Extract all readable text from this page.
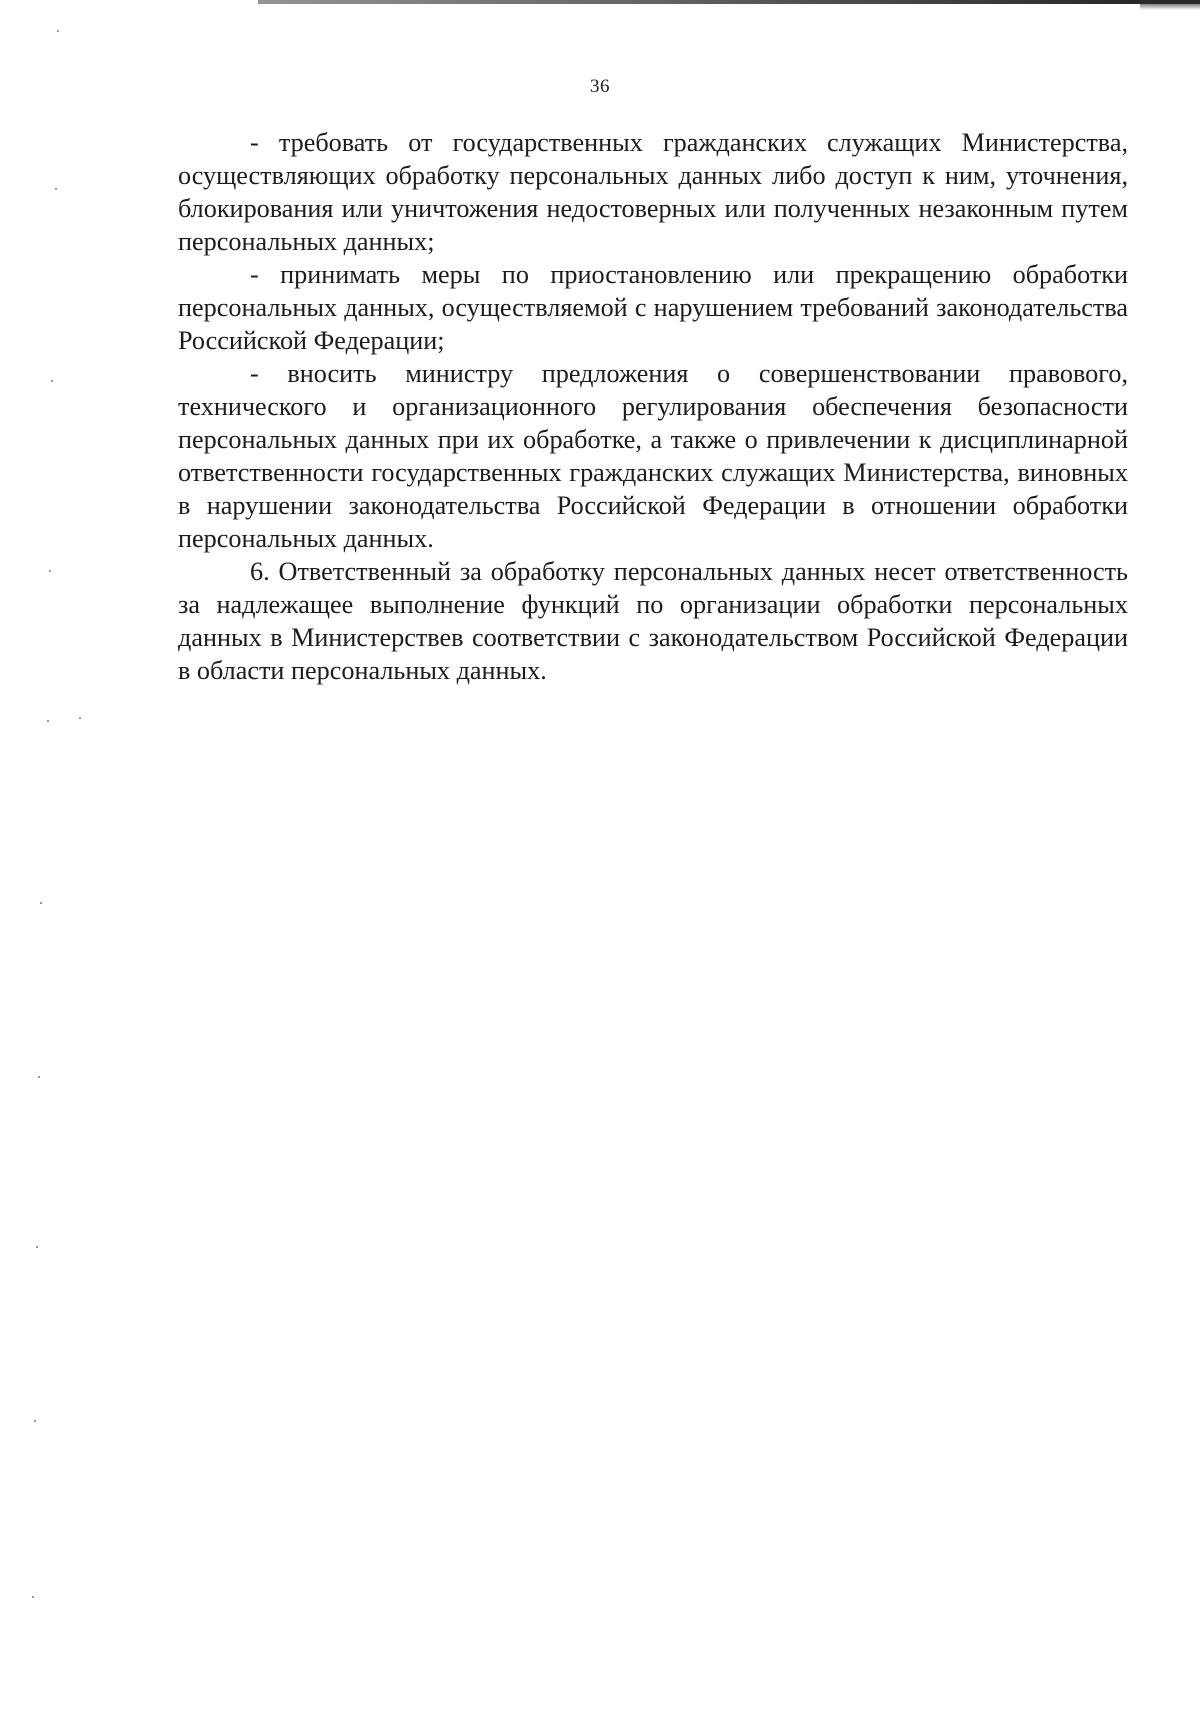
36

- требовать от государственных гражданских служащих Министерства, осуществляющих обработку персональных данных либо доступ к ним, уточнения, блокирования или уничтожения недостоверных или полученных незаконным путем персональных данных;

- принимать меры по приостановлению или прекращению обработки персональных данных, осуществляемой с нарушением требований законодательства Российской Федерации;

- вносить министру предложения о совершенствовании правового, технического и организационного регулирования обеспечения безопасности персональных данных при их обработке, а также о привлечении к дисциплинарной ответственности государственных гражданских служащих Министерства, виновных в нарушении законодательства Российской Федерации в отношении обработки персональных данных.

6. Ответственный за обработку персональных данных несет ответственность за надлежащее выполнение функций по организации обработки персональных данных в Министерствев соответствии с законодательством Российской Федерации в области персональных данных.
